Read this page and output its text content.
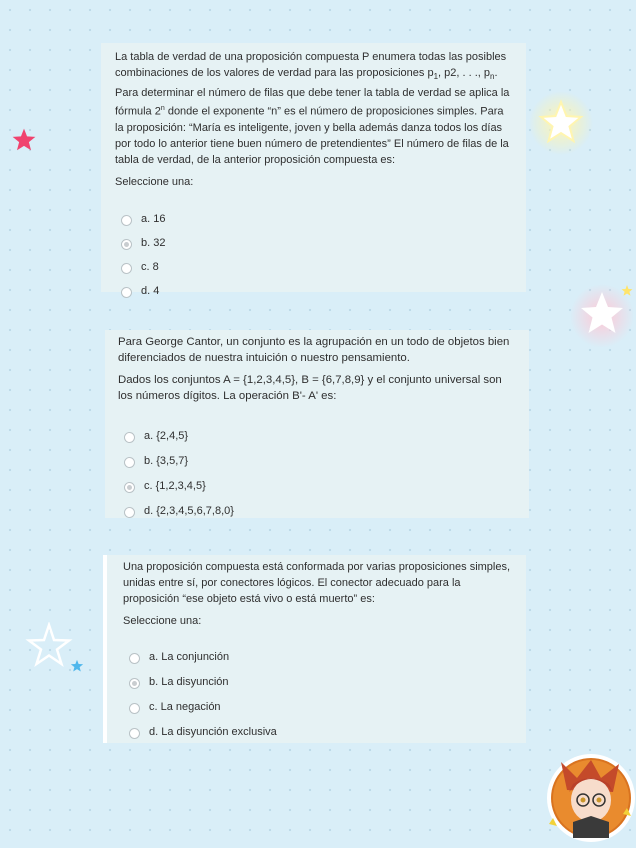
La tabla de verdad de una proposición compuesta P enumera todas las posibles combinaciones de los valores de verdad para las proposiciones $p_1$, p2, . . ., $p_n$. Para determinar el número de filas que debe tener la tabla de verdad se aplica la fórmula 2$^n$ donde el exponente “n” es el número de proposiciones simples. Para la proposición: “María es inteligente, joven y bella además danza todos los días por todo lo anterior tiene buen número de pretendientes” El número de filas de la tabla de verdad, de la anterior proposición compuesta es:

Seleccione una:

a. 16
b. 32
c. 8
d. 4

Para George Cantor, un conjunto es la agrupación en un todo de objetos bien diferenciados de nuestra intuición o nuestro pensamiento.

Dados los conjuntos A = {1,2,3,4,5}, B = {6,7,8,9} y el conjunto universal son los números dígitos. La operación B'- A' es:

a. {2,4,5}
b. {3,5,7}
c. {1,2,3,4,5}
d. {2,3,4,5,6,7,8,0}

Una proposición compuesta está conformada por varias proposiciones simples, unidas entre sí, por conectores lógicos. El conector adecuado para la proposición “ese objeto está vivo o está muerto” es:

Seleccione una:

a. La conjunción
b. La disyunción
c. La negación
d. La disyunción exclusiva
